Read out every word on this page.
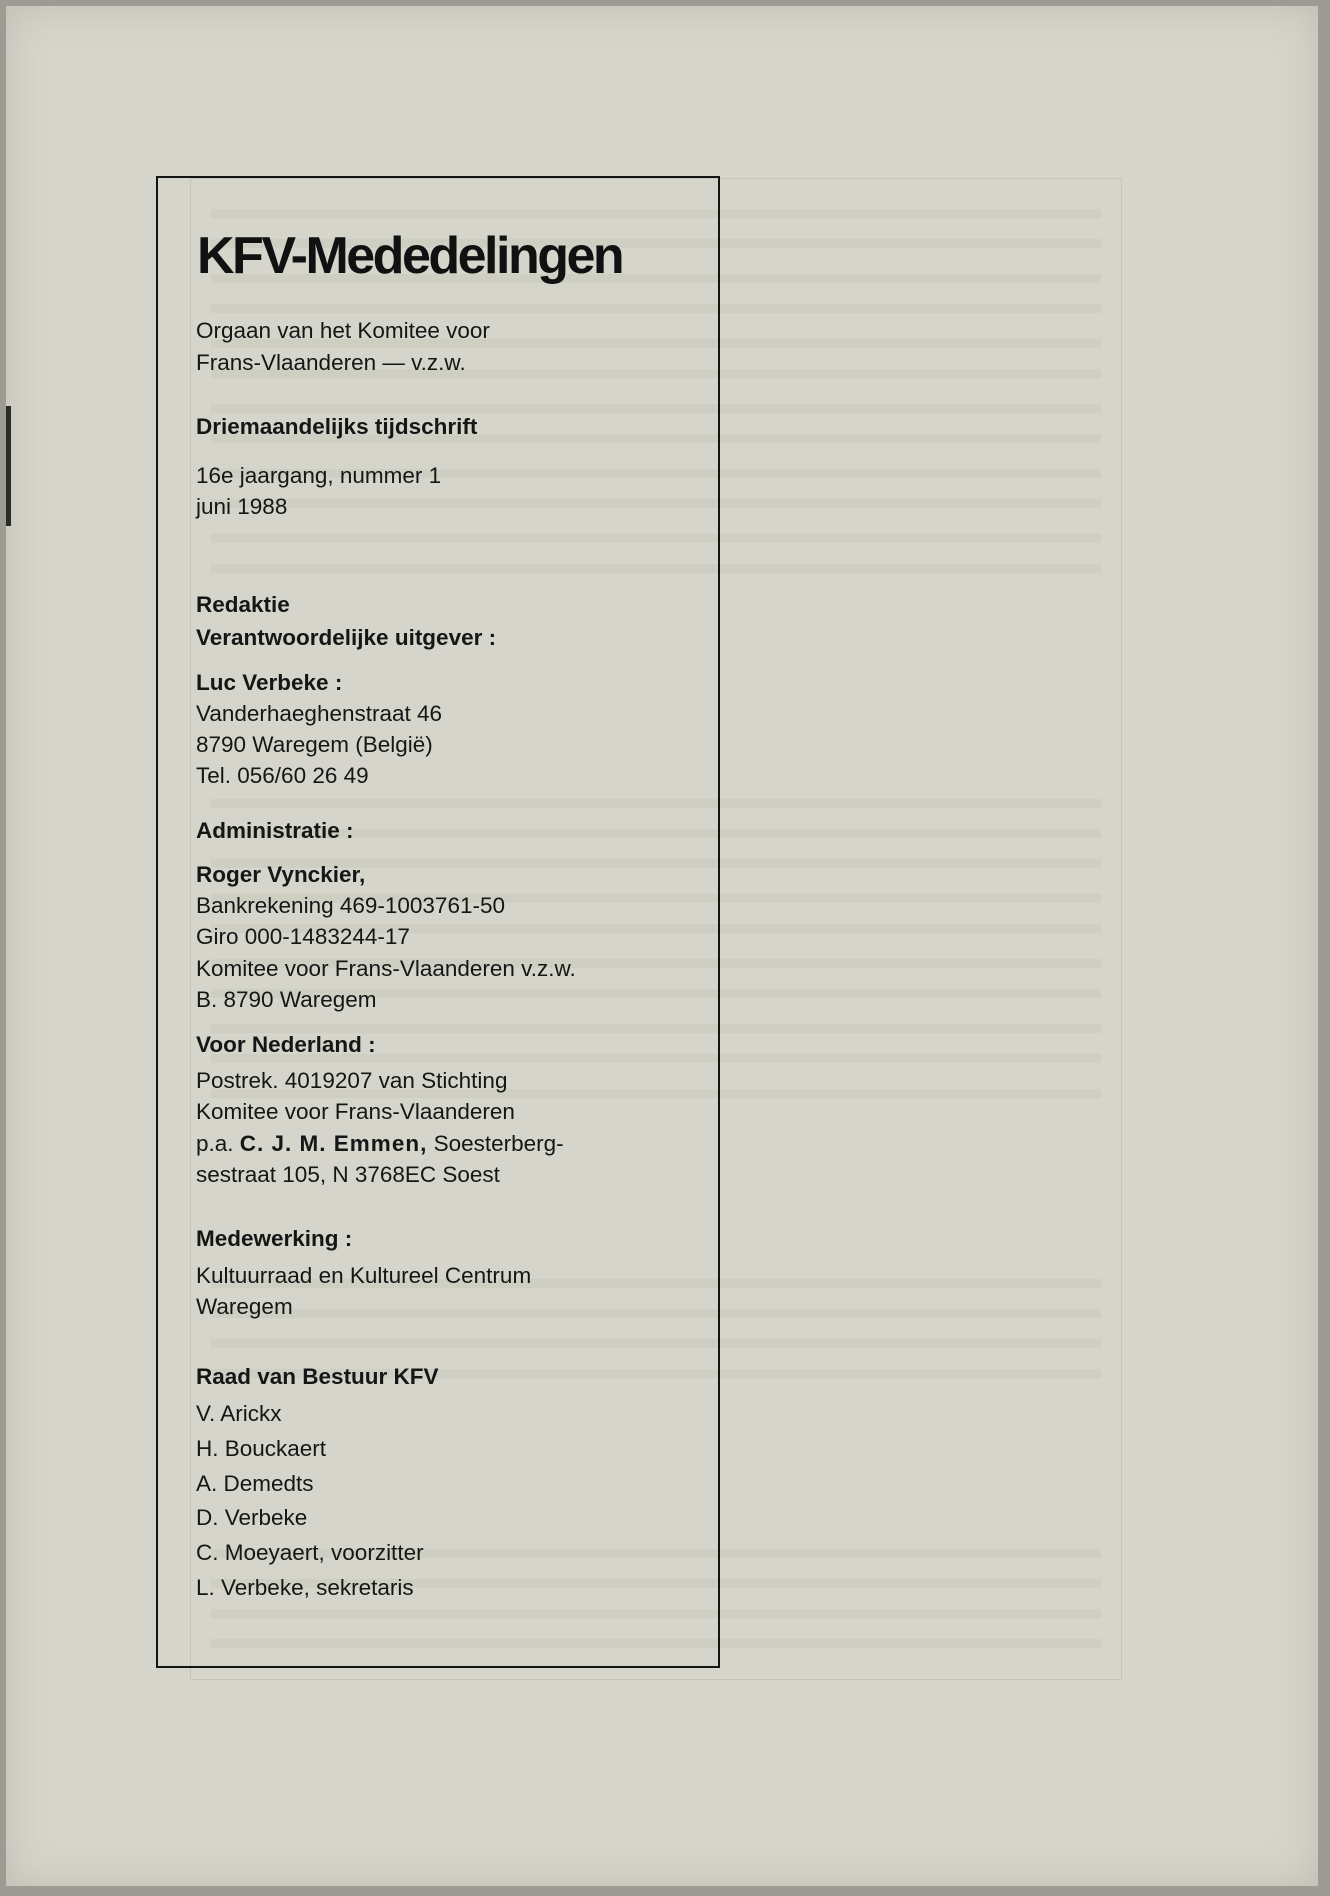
KFV-Mededelingen
Orgaan van het Komitee voor
Frans-Vlaanderen — v.z.w.
Driemaandelijks tijdschrift
16e jaargang, nummer 1
juni 1988
Redaktie
Verantwoordelijke uitgever :
Luc Verbeke :
Vanderhaeghenstraat 46
8790 Waregem (België)
Tel. 056/60 26 49
Administratie :
Roger Vynckier,
Bankrekening 469-1003761-50
Giro 000-1483244-17
Komitee voor Frans-Vlaanderen v.z.w.
B. 8790 Waregem
Voor Nederland :
Postrek. 4019207 van Stichting
Komitee voor Frans-Vlaanderen
p.a. C. J. M. Emmen, Soesterberg-
sestraat 105, N 3768EC Soest
Medewerking :
Kultuurraad en Kultureel Centrum
Waregem
Raad van Bestuur KFV
V. Arickx
H. Bouckaert
A. Demedts
D. Verbeke
C. Moeyaert, voorzitter
L. Verbeke, sekretaris
